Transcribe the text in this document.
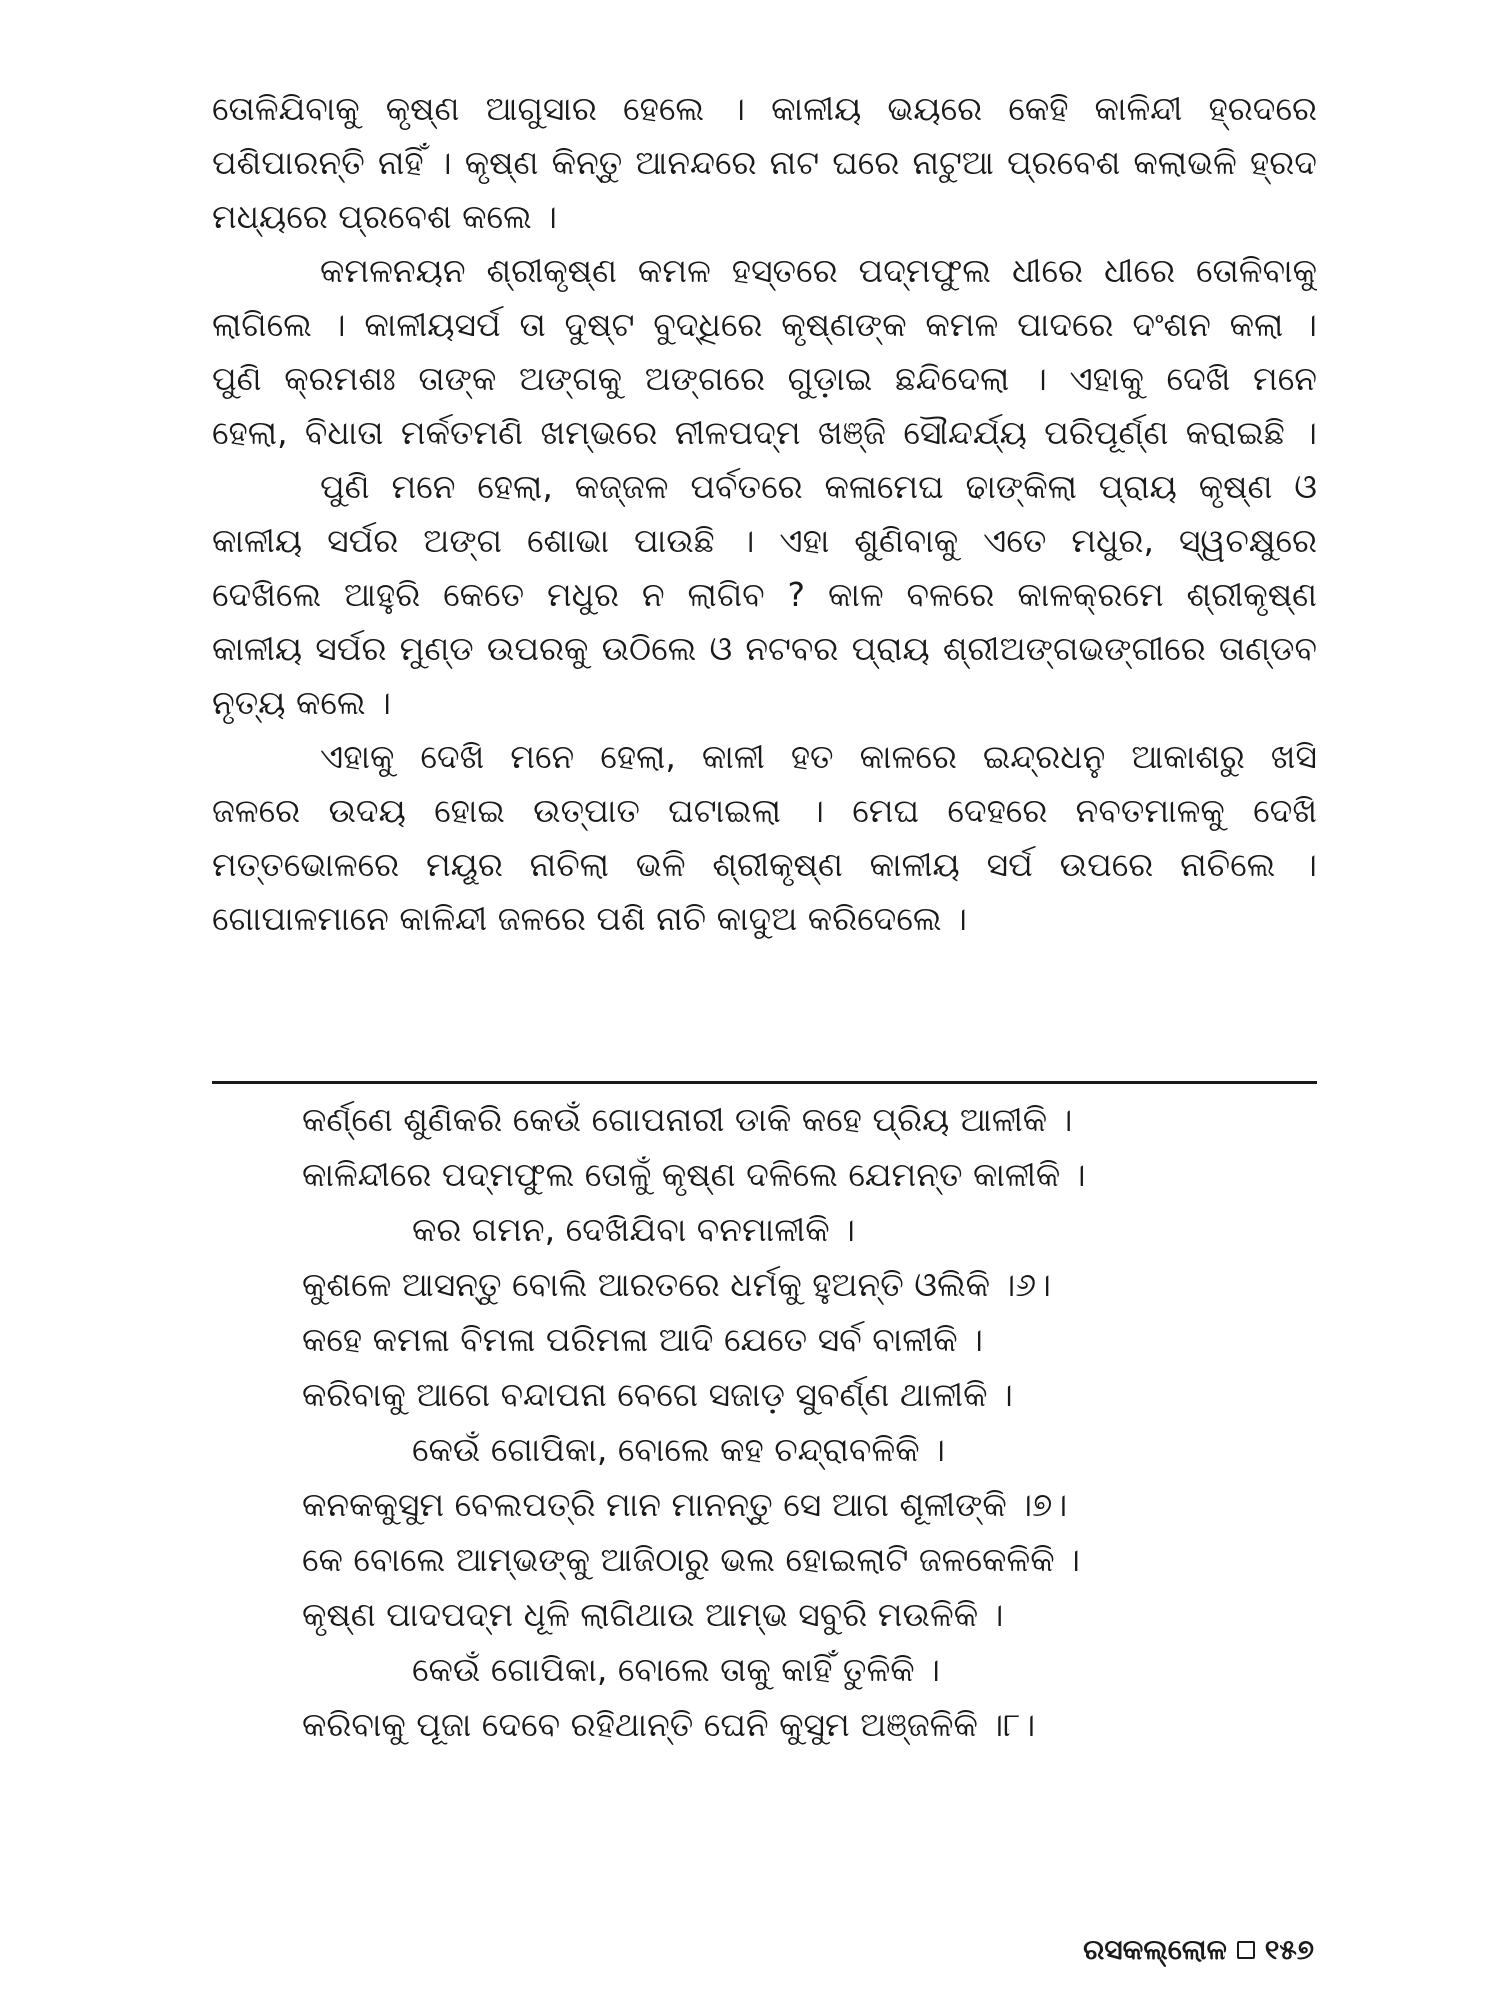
ତୋଳିଯିବାକୁ କୃଷ୍ଣ ଆଗୁସାର ହେଲେ । କାଳୀୟ ଭୟରେ କେହି କାଳିନ୍ଦୀ ହ୍ରଦରେ
ପଶିପାରନ୍ତି ନାହିଁ । କୃଷ୍ଣ କିନ୍ତୁ ଆନନ୍ଦରେ ନାଟ ଘରେ ନାଟୁଆ ପ୍ରବେଶ କଲାଭଳି ହ୍ରଦ
ମଧ୍ୟରେ ପ୍ରବେଶ କଲେ ।
କମଳନୟନ ଶ୍ରୀକୃଷ୍ଣ କମଳ ହସ୍ତରେ ପଦ୍ମଫୁଲ ଧୀରେ ଧୀରେ ତୋଳିବାକୁ
ଲାଗିଲେ । କାଳୀୟସର୍ପ ତା ଦୁଷ୍ଟ ବୁଦ୍ଧିରେ କୃଷ୍ଣଙ୍କ କମଳ ପାଦରେ ଦଂଶନ କଲା ।
ପୁଣି କ୍ରମଶଃ ତାଙ୍କ ଅଙ୍ଗକୁ ଅଙ୍ଗରେ ଗୁଡ଼ାଇ ଛନ୍ଦିଦେଲା । ଏହାକୁ ଦେଖି ମନେ
ହେଲା, ବିଧାତା ମର୍କତମଣି ଖମ୍ଭରେ ନୀଳପଦ୍ମ ଖଞ୍ଜି ସୌନ୍ଦର୍ଯ୍ୟ ପରିପୂର୍ଣ୍ଣ କରାଇଛି ।
ପୁଣି ମନେ ହେଲା, କଜ୍ଜଳ ପର୍ବତରେ କଳାମେଘ ଢାଙ୍କିଲା ପ୍ରାୟ କୃଷ୍ଣ ଓ
କାଳୀୟ ସର୍ପର ଅଙ୍ଗ ଶୋଭା ପାଉଛି । ଏହା ଶୁଣିବାକୁ ଏତେ ମଧୁର, ସ୍ୱଚକ୍ଷୁରେ
ଦେଖିଲେ ଆହୁରି କେତେ ମଧୁର ନ ଲାଗିବ ? କାଳ ବଳରେ କାଳକ୍ରମେ ଶ୍ରୀକୃଷ୍ଣ
କାଳୀୟ ସର୍ପର ମୁଣ୍ଡ ଉପରକୁ ଉଠିଲେ ଓ ନଟବର ପ୍ରାୟ ଶ୍ରୀଅଙ୍ଗଭଙ୍ଗୀରେ ତାଣ୍ଡବ
ନୃତ୍ୟ କଲେ ।
ଏହାକୁ ଦେଖି ମନେ ହେଲା, କାଳୀ ହତ କାଳରେ ଇନ୍ଦ୍ରଧନୁ ଆକାଶରୁ ଖସି
ଜଳରେ ଉଦୟ ହୋଇ ଉତ୍ପାତ ଘଟାଇଲା । ମେଘ ଦେହରେ ନବତମାଳକୁ ଦେଖି
ମତ୍ତଭୋଳରେ ମୟୂର ନାଚିଲା ଭଳି ଶ୍ରୀକୃଷ୍ଣ କାଳୀୟ ସର୍ପ ଉପରେ ନାଚିଲେ ।
ଗୋପାଳମାନେ କାଳିନ୍ଦୀ ଜଳରେ ପଶି ନାଚି କାଦୁଅ କରିଦେଲେ ।
କର୍ଣ୍ଣେ ଶୁଣିକରି କେଉଁ ଗୋପନାରୀ ଡାକି କହେ ପ୍ରିୟ ଆଳୀକି ।
କାଳିନ୍ଦୀରେ ପଦ୍ମଫୁଲ ତୋଳୁଁ କୃଷ୍ଣ ଦଳିଲେ ଯେମନ୍ତ କାଳୀକି ।
କର ଗମନ, ଦେଖିଯିବା ବନମାଳୀକି ।
କୁଶଳେ ଆସନ୍ତୁ ବୋଲି ଆରତରେ ଧର୍ମକୁ ହୁଅନ୍ତି ଓଲିକି ।୬।
କହେ କମଳା ବିମଳା ପରିମଳା ଆଦି ଯେତେ ସର୍ବ ବାଳୀକି ।
କରିବାକୁ ଆଗେ ବନ୍ଦାପନା ବେଗେ ସଜାଡ଼ ସୁବର୍ଣ୍ଣ ଥାଳୀକି ।
କେଉଁ ଗୋପିକା, ବୋଲେ କହ ଚନ୍ଦ୍ରାବଳିକି ।
କନକକୁସୁମ ବେଲପତ୍ରି ମାନ ମାନନ୍ତୁ ସେ ଆଗ ଶୂଳୀଙ୍କି ।୭।
କେ ବୋଲେ ଆମ୍ଭଙ୍କୁ ଆଜିଠାରୁ ଭଲ ହୋଇଲାଟି ଜଳକେଳିକି ।
କୃଷ୍ଣ ପାଦପଦ୍ମ ଧୂଳି ଲାଗିଥାଉ ଆମ୍ଭ ସବୁରି ମଉଳିକି ।
କେଉଁ ଗୋପିକା, ବୋଲେ ତାକୁ କାହିଁ ତୁଳିକି ।
କରିବାକୁ ପୂଜା ଦେବେ ରହିଥାନ୍ତି ଘେନି କୁସୁମ ଅଞ୍ଜଳିକି ।୮।
ରସକଲ୍ଲୋଳ ୧୫୭
